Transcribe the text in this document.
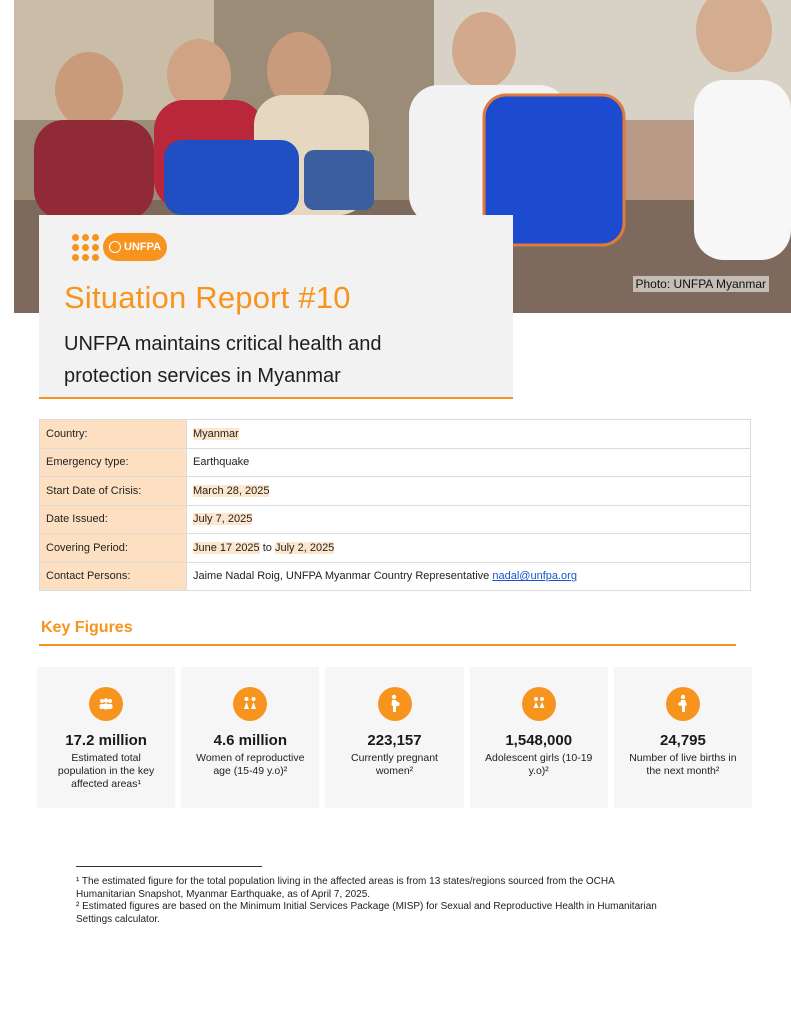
Photo: UNFPA Myanmar
UNFPA
Situation Report #10

UNFPA maintains critical health and protection services in Myanmar

Country:	Myanmar
Emergency type:	Earthquake
Start Date of Crisis:	March 28, 2025
Date Issued:	July 7, 2025
Covering Period:	June 17 2025 to July 2, 2025
Contact Persons:	Jaime Nadal Roig, UNFPA Myanmar Country Representative nadal@unfpa.org
Key Figures
17.2 million
Estimated total population in the key affected areas¹
4.6 million
Women of reproductive age (15-49 y.o)²
223,157
Currently pregnant women²
1,548,000
Adolescent girls (10-19 y.o)²
24,795
Number of live births in the next month²

¹ The estimated figure for the total population living in the affected areas is from 13 states/regions sourced from the OCHA Humanitarian Snapshot, Myanmar Earthquake, as of April 7, 2025.

² Estimated figures are based on the Minimum Initial Services Package (MISP) for Sexual and Reproductive Health in Humanitarian Settings calculator.
